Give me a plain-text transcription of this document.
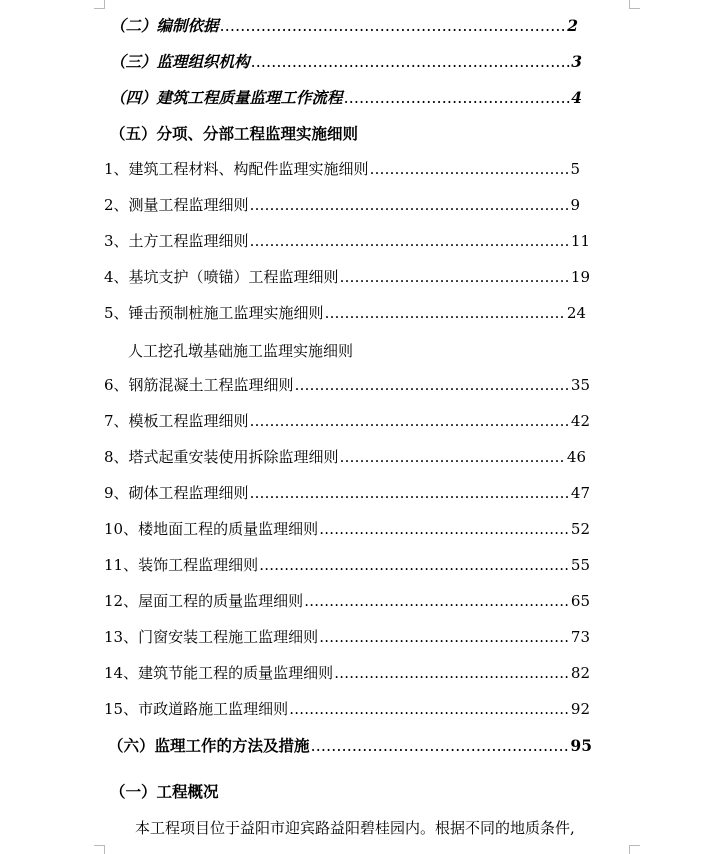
（二）编制依据 …………………………………………………………………………………………………………………………………………	2
（三）监理组织机构 …………………………………………………………………………………………………………………………………………	3
（四）建筑工程质量监理工作流程 …………………………………………………………………………………………………………………………………………	4
（五）分项、分部工程监理实施细则
1、建筑工程材料、构配件监理实施细则 …………………………………………………………………………………………………………………………………………	5
2、测量工程监理细则 …………………………………………………………………………………………………………………………………………	9
3、土方工程监理细则 …………………………………………………………………………………………………………………………………………	11
4、基坑支护（喷锚）工程监理细则 …………………………………………………………………………………………………………………………………………	19
5、锤击预制桩施工监理实施细则 …………………………………………………………………………………………………………………………………………	24
人工挖孔墩基础施工监理实施细则
6、钢筋混凝土工程监理细则 …………………………………………………………………………………………………………………………………………	35
7、模板工程监理细则 …………………………………………………………………………………………………………………………………………	42
8、塔式起重安装使用拆除监理细则 …………………………………………………………………………………………………………………………………………	46
9、砌体工程监理细则 …………………………………………………………………………………………………………………………………………	47
10、楼地面工程的质量监理细则 …………………………………………………………………………………………………………………………………………	52
11、装饰工程监理细则 …………………………………………………………………………………………………………………………………………	55
12、屋面工程的质量监理细则 …………………………………………………………………………………………………………………………………………	65
13、门窗安装工程施工监理细则 …………………………………………………………………………………………………………………………………………	73
14、建筑节能工程的质量监理细则 …………………………………………………………………………………………………………………………………………	82
15、市政道路施工监理细则 …………………………………………………………………………………………………………………………………………	92
（六）监理工作的方法及措施 …………………………………………………………………………………………………………………………………………	95
（一）工程概况
本工程项目位于益阳市迎宾路益阳碧桂园内。根据不同的地质条件,
